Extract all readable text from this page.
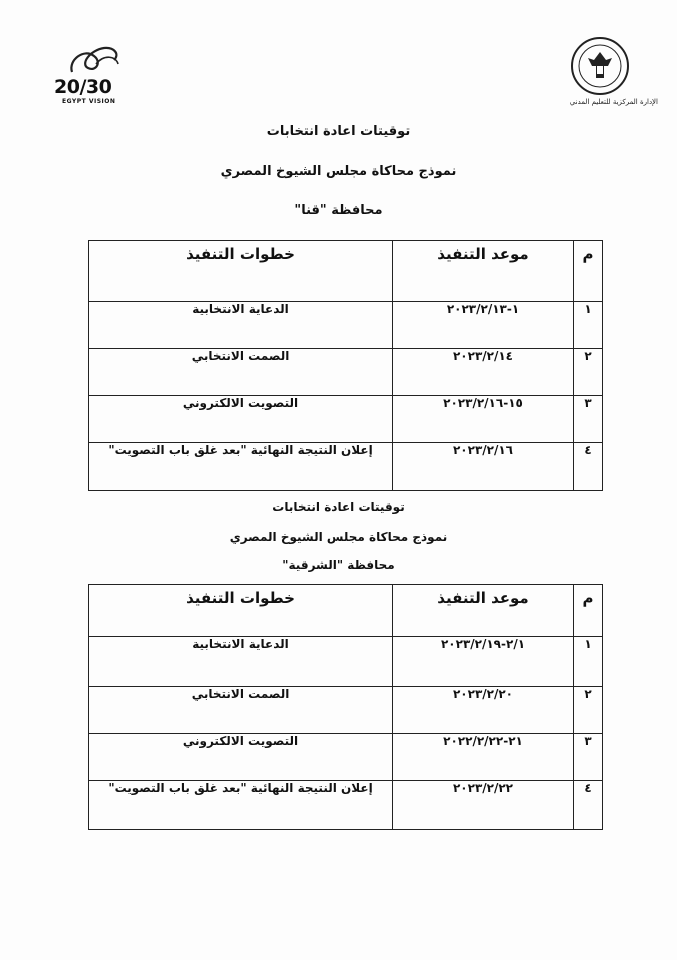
20/30
EGYPT VISION	الإدارة المركزية للتعليم المدني
توقيتات اعادة انتخابات
نموذج محاكاة مجلس الشيوخ المصري
محافظة "قنا"
م	موعد التنفيذ	خطوات التنفيذ
١	١-٢٠٢٣/٢/١٣	الدعاية الانتخابية
٢	٢٠٢٣/٢/١٤	الصمت الانتخابي
٣	١٥-٢٠٢٣/٢/١٦	التصويت الالكتروني
٤	٢٠٢٣/٢/١٦	إعلان النتيجة النهائية "بعد غلق باب التصويت"
توقيتات اعادة انتخابات
نموذج محاكاة مجلس الشيوخ المصري
محافظة "الشرقية"
م	موعد التنفيذ	خطوات التنفيذ
١	٢/١-٢٠٢٣/٢/١٩	الدعاية الانتخابية
٢	٢٠٢٣/٢/٢٠	الصمت الانتخابي
٣	٢١-٢٠٢٢/٢/٢٢	التصويت الالكتروني
٤	٢٠٢٣/٢/٢٢	إعلان النتيجة النهائية "بعد غلق باب التصويت"
